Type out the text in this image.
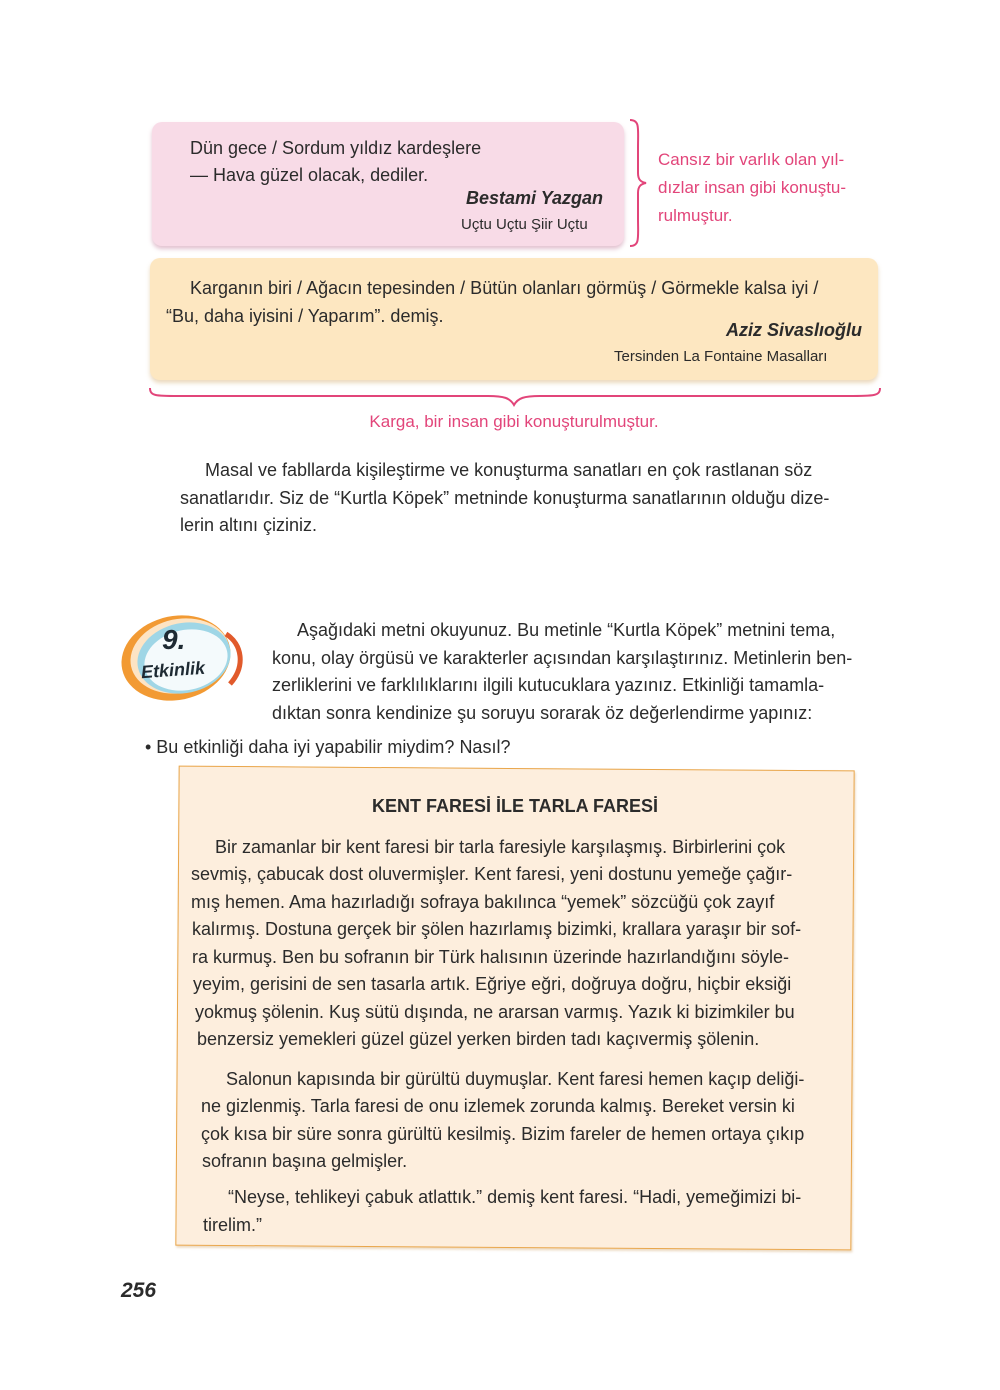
Dün gece / Sordum yıldız kardeşlere
— Hava güzel olacak, dediler.
Bestami Yazgan
Uçtu Uçtu Şiir Uçtu
Cansız bir varlık olan yıl-
dızlar insan gibi konuştu-
rulmuştur.
Karganın biri / Ağacın tepesinden / Bütün olanları görmüş / Görmekle kalsa iyi /
“Bu, daha iyisini / Yaparım”. demiş.
Aziz Sivaslıoğlu
Tersinden La Fontaine Masalları
Karga, bir insan gibi konuşturulmuştur.
Masal ve fabllarda kişileştirme ve konuşturma sanatları en çok rastlanan söz
sanatlarıdır. Siz de “Kurtla Köpek” metninde konuşturma sanatlarının olduğu dize-
lerin altını çiziniz.
9.
Etkinlik
Aşağıdaki metni okuyunuz. Bu metinle “Kurtla Köpek” metnini tema,
konu, olay örgüsü ve karakterler açısından karşılaştırınız. Metinlerin ben-
zerliklerini ve farklılıklarını ilgili kutucuklara yazınız. Etkinliği tamamla-
dıktan sonra kendinize şu soruyu sorarak öz değerlendirme yapınız:
• Bu etkinliği daha iyi yapabilir miydim? Nasıl?
KENT FARESİ İLE TARLA FARESİ
Bir zamanlar bir kent faresi bir tarla faresiyle karşılaşmış. Birbirlerini çok
sevmiş, çabucak dost oluvermişler. Kent faresi, yeni dostunu yemeğe çağır-
mış hemen. Ama hazırladığı sofraya bakılınca “yemek” sözcüğü çok zayıf
kalırmış. Dostuna gerçek bir şölen hazırlamış bizimki, krallara yaraşır bir sof-
ra kurmuş. Ben bu sofranın bir Türk halısının üzerinde hazırlandığını söyle-
yeyim, gerisini de sen tasarla artık. Eğriye eğri, doğruya doğru, hiçbir eksiği
yokmuş şölenin. Kuş sütü dışında, ne ararsan varmış. Yazık ki bizimkiler bu
benzersiz yemekleri güzel güzel yerken birden tadı kaçıvermiş şölenin.
Salonun kapısında bir gürültü duymuşlar. Kent faresi hemen kaçıp deliği-
ne gizlenmiş. Tarla faresi de onu izlemek zorunda kalmış. Bereket versin ki
çok kısa bir süre sonra gürültü kesilmiş. Bizim fareler de hemen ortaya çıkıp
sofranın başına gelmişler.
“Neyse, tehlikeyi çabuk atlattık.” demiş kent faresi. “Hadi, yemeğimizi bi-
tirelim.”
256
